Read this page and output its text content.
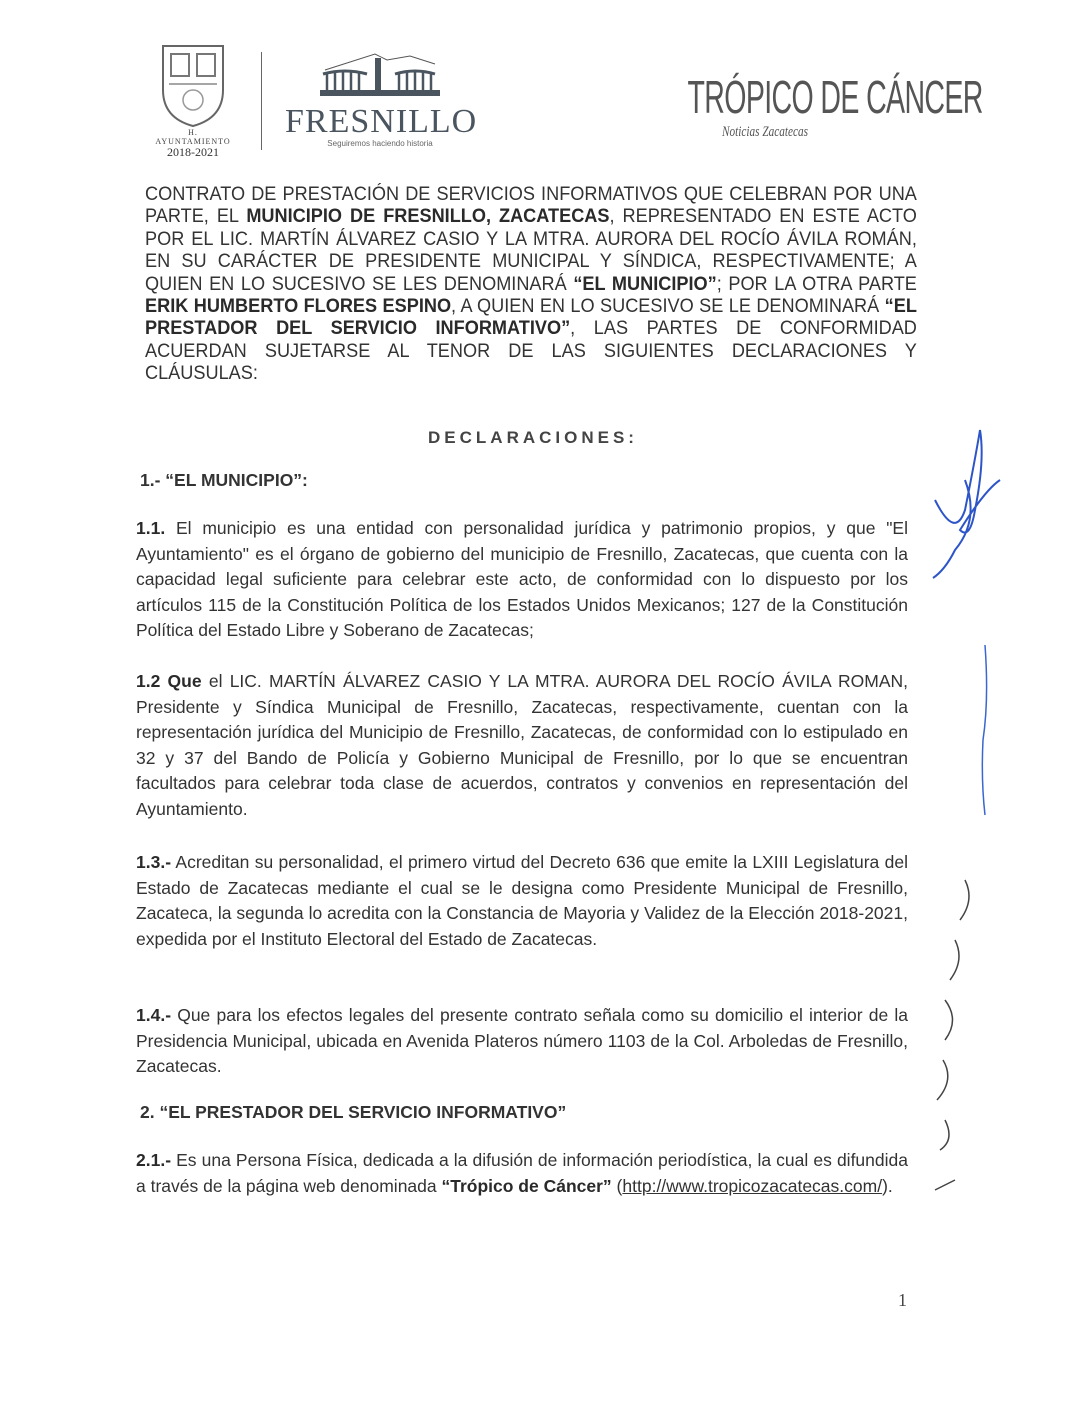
H. AYUNTAMIENTO
2018-2021
FRESNILLO
Seguiremos haciendo historia
TRÓPICO DE CÁNCER
Noticias Zacatecas
CONTRATO DE PRESTACIÓN DE SERVICIOS INFORMATIVOS QUE CELEBRAN POR UNA PARTE, EL MUNICIPIO DE FRESNILLO, ZACATECAS, REPRESENTADO EN ESTE ACTO POR EL LIC. MARTÍN ÁLVAREZ CASIO Y LA MTRA. AURORA DEL ROCÍO ÁVILA ROMÁN, EN SU CARÁCTER DE PRESIDENTE MUNICIPAL Y SÍNDICA, RESPECTIVAMENTE; A QUIEN EN LO SUCESIVO SE LES DENOMINARÁ “EL MUNICIPIO”; POR LA OTRA PARTE ERIK HUMBERTO FLORES ESPINO, A QUIEN EN LO SUCESIVO SE LE DENOMINARÁ “EL PRESTADOR DEL SERVICIO INFORMATIVO”, LAS PARTES DE CONFORMIDAD ACUERDAN SUJETARSE AL TENOR DE LAS SIGUIENTES DECLARACIONES Y CLÁUSULAS:
DECLARACIONES:
1.- “EL MUNICIPIO”:
1.1. El municipio es una entidad con personalidad jurídica y patrimonio propios, y que "El Ayuntamiento" es el órgano de gobierno del municipio de Fresnillo, Zacatecas, que cuenta con la capacidad legal suficiente para celebrar este acto, de conformidad con lo dispuesto por los artículos 115 de la Constitución Política de los Estados Unidos Mexicanos; 127 de la Constitución Política del Estado Libre y Soberano de Zacatecas;
1.2 Que el LIC. MARTÍN ÁLVAREZ CASIO Y LA MTRA. AURORA DEL ROCÍO ÁVILA ROMAN, Presidente y Síndica Municipal de Fresnillo, Zacatecas, respectivamente, cuentan con la representación jurídica del Municipio de Fresnillo, Zacatecas, de conformidad con lo estipulado en 32 y 37 del Bando de Policía y Gobierno Municipal de Fresnillo, por lo que se encuentran facultados para celebrar toda clase de acuerdos, contratos y convenios en representación del Ayuntamiento.
1.3.- Acreditan su personalidad, el primero virtud del Decreto 636 que emite la LXIII Legislatura del Estado de Zacatecas mediante el cual se le designa como Presidente Municipal de Fresnillo, Zacateca, la segunda lo acredita con la Constancia de Mayoria y Validez de la Elección 2018-2021, expedida por el Instituto Electoral del Estado de Zacatecas.
1.4.- Que para los efectos legales del presente contrato señala como su domicilio el interior de la Presidencia Municipal, ubicada en Avenida Plateros número 1103 de la Col. Arboledas de Fresnillo, Zacatecas.
2. “EL PRESTADOR DEL SERVICIO INFORMATIVO”
2.1.- Es una Persona Física, dedicada a la difusión de información periodística, la cual es difundida a través de la página web denominada “Trópico de Cáncer” (http://www.tropicozacatecas.com/).
1
